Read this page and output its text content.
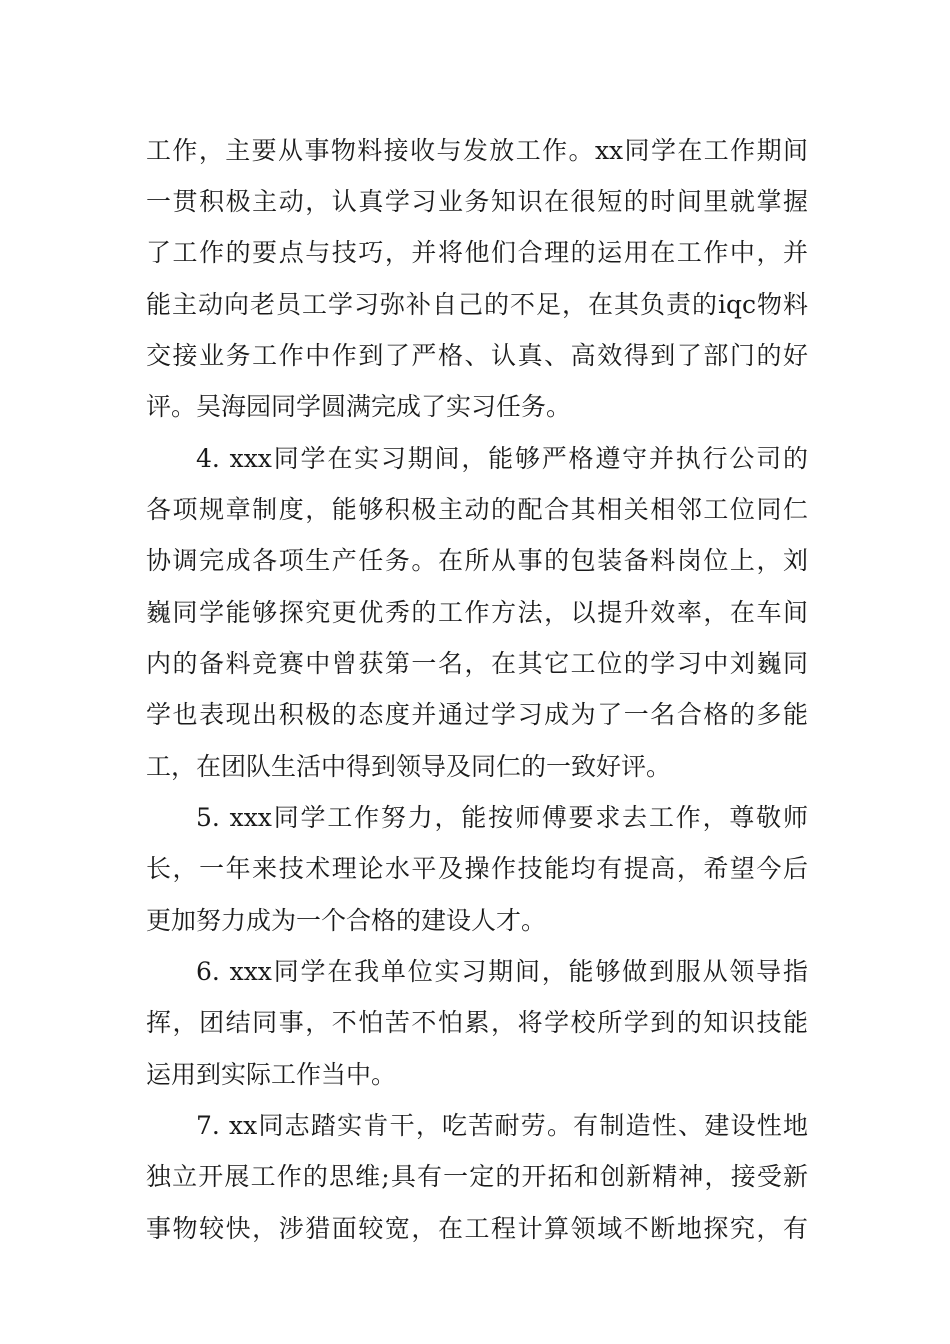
工作，主要从事物料接收与发放工作。xx同学在工作期间
一贯积极主动，认真学习业务知识在很短的时间里就掌握
了工作的要点与技巧，并将他们合理的运用在工作中，并
能主动向老员工学习弥补自己的不足，在其负责的iqc物料
交接业务工作中作到了严格、认真、高效得到了部门的好
评。吴海园同学圆满完成了实习任务。
4. xxx同学在实习期间，能够严格遵守并执行公司的
各项规章制度，能够积极主动的配合其相关相邻工位同仁
协调完成各项生产任务。在所从事的包装备料岗位上，刘
巍同学能够探究更优秀的工作方法，以提升效率，在车间
内的备料竞赛中曾获第一名，在其它工位的学习中刘巍同
学也表现出积极的态度并通过学习成为了一名合格的多能
工，在团队生活中得到领导及同仁的一致好评。
5. xxx同学工作努力，能按师傅要求去工作，尊敬师
长，一年来技术理论水平及操作技能均有提高，希望今后
更加努力成为一个合格的建设人才。
6. xxx同学在我单位实习期间，能够做到服从领导指
挥，团结同事，不怕苦不怕累，将学校所学到的知识技能
运用到实际工作当中。
7. xx同志踏实肯干，吃苦耐劳。有制造性、建设性地
独立开展工作的思维;具有一定的开拓和创新精神，接受新
事物较快，涉猎面较宽，在工程计算领域不断地探究，有
